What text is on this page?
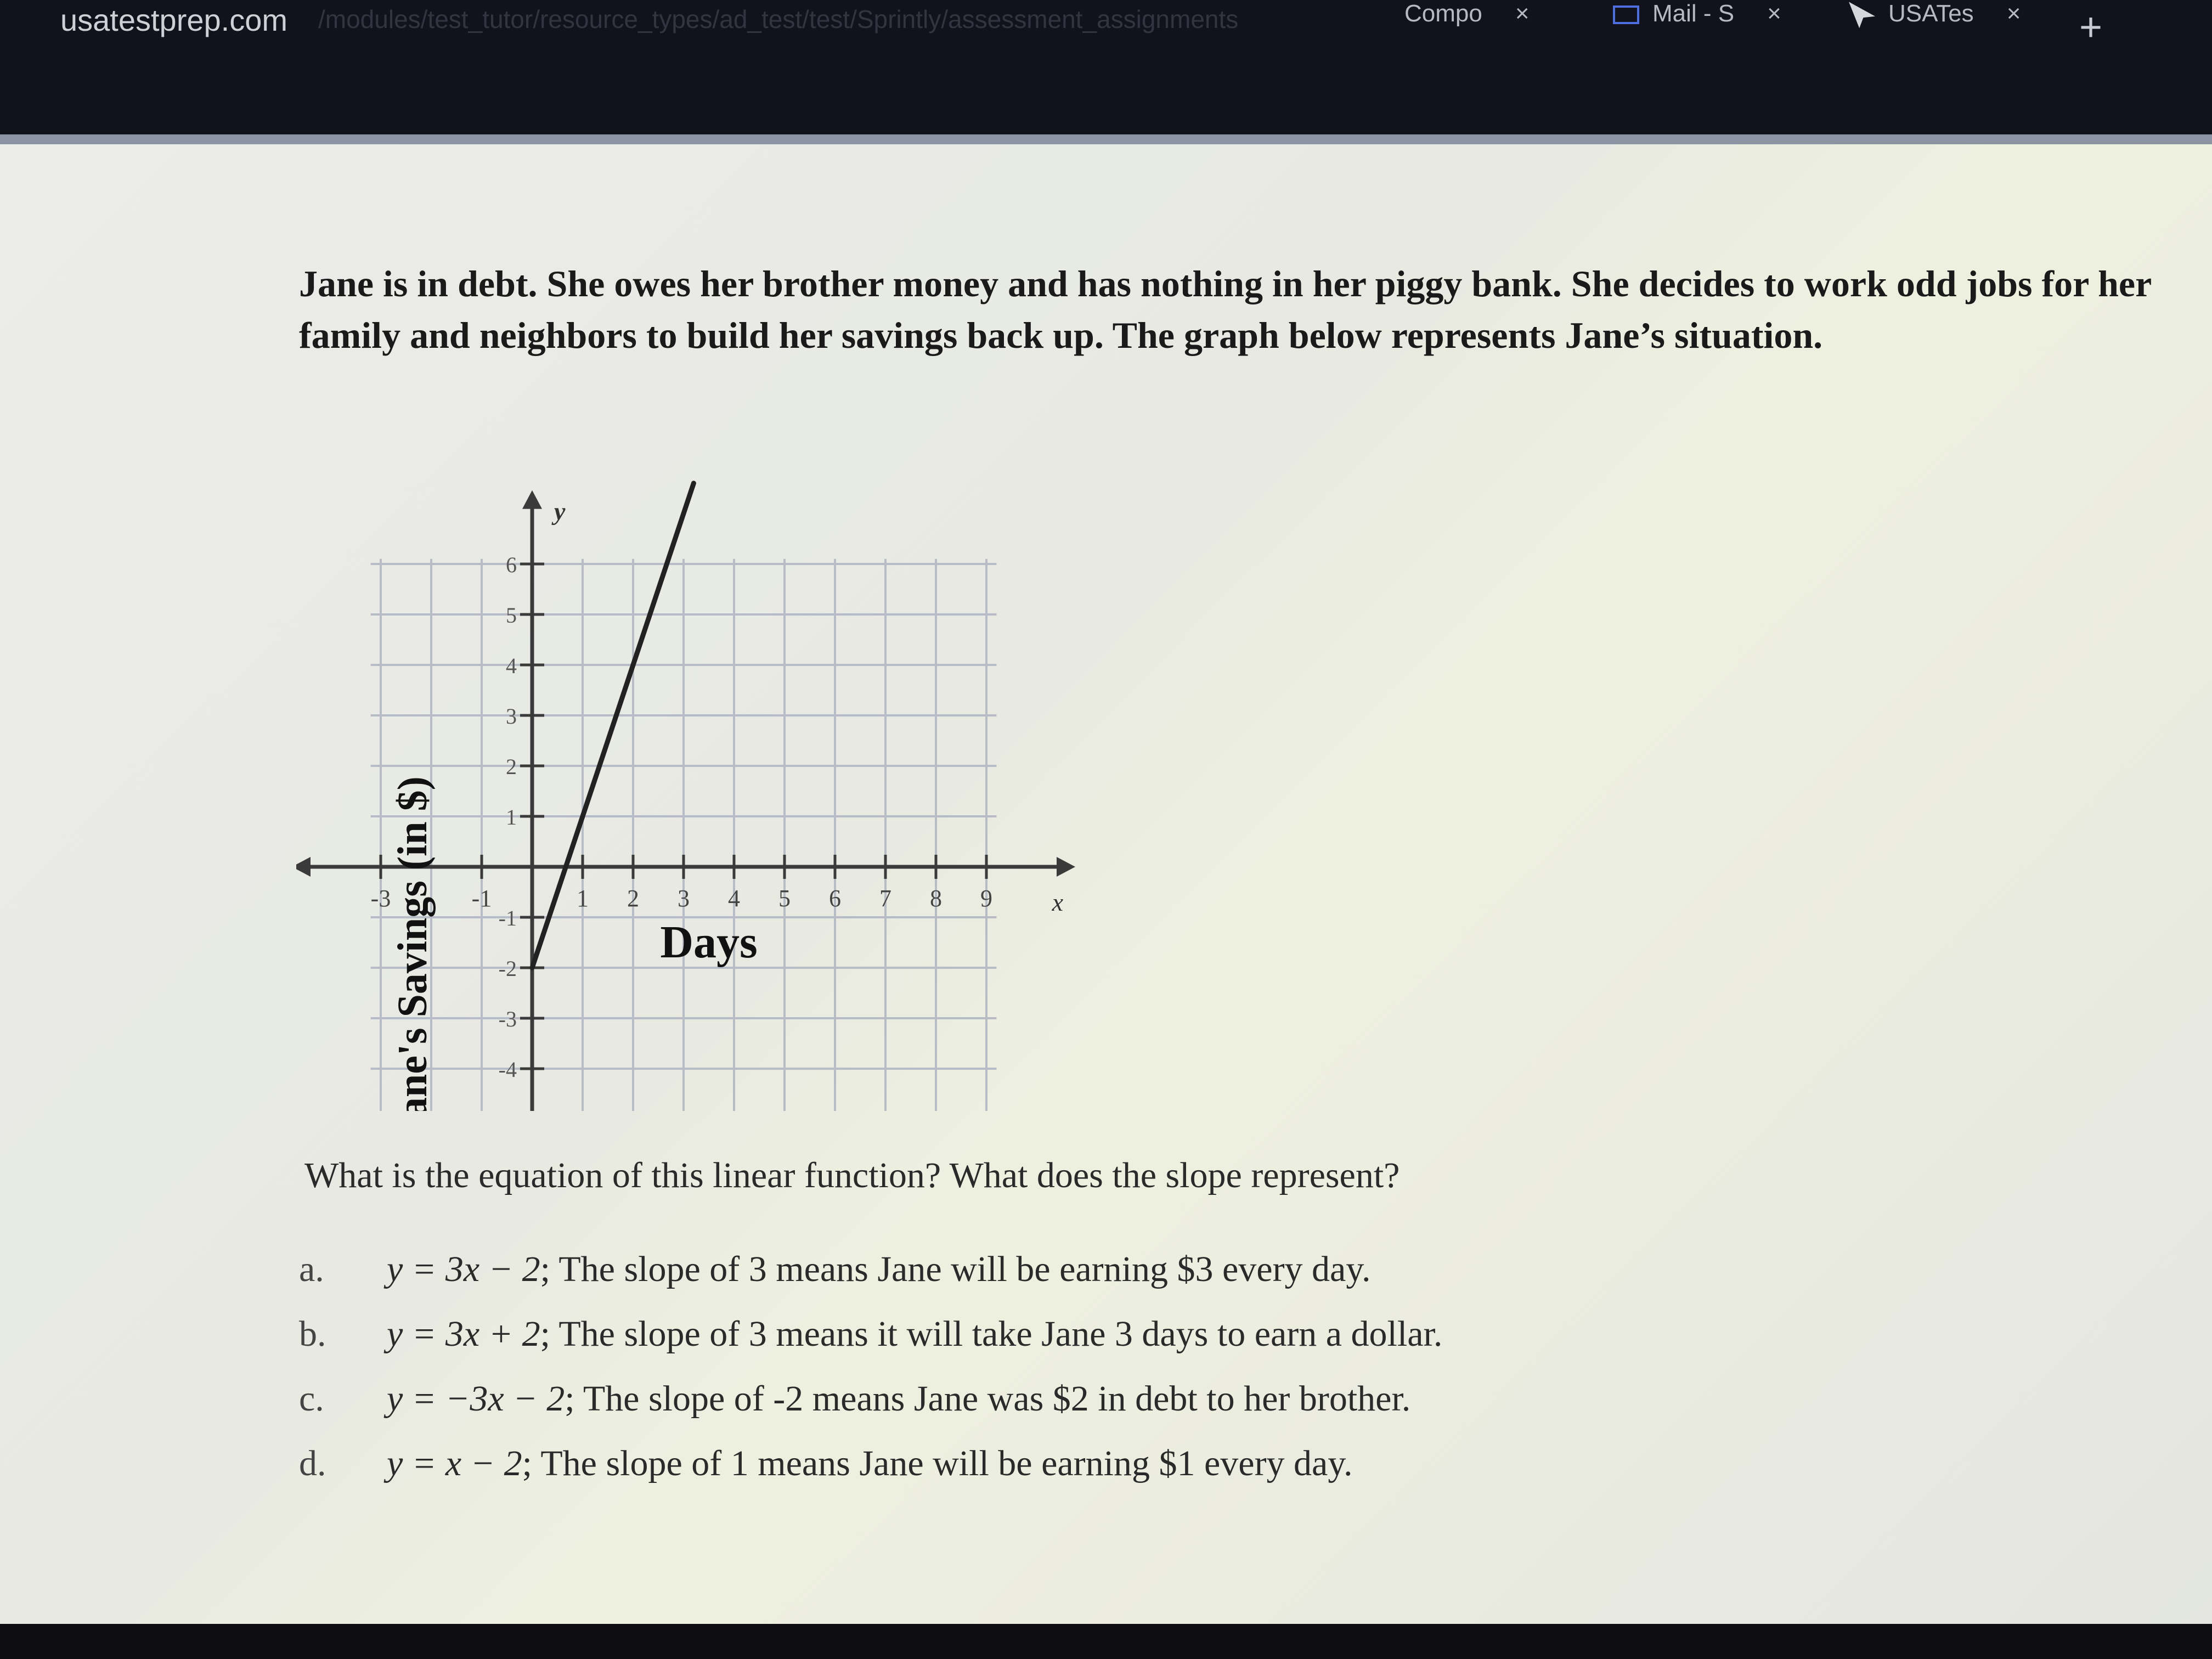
usatestprep.com /modules/test_tutor/resource_types/ad_test/test/Sprintly/assessment_assignments	Compo ×	Mail - S ×	USATes × +

Jane is in debt. She owes her brother money and has nothing in her piggy bank. She decides to work odd jobs for her

family and neighbors to build her savings back up. The graph below represents Jane’s situation.

-3	-1	1 2 3 4 5 6 7 8 9
-4
-3
-2
-1
1
2
3
4
5
6
x
y
Days
Jane's Savings (in $)
What is the equation of this linear function? What does the slope represent?
a. y = 3x − 2; The slope of 3 means Jane will be earning $3 every day.
b. y = 3x + 2; The slope of 3 means it will take Jane 3 days to earn a dollar.
c. y = −3x − 2; The slope of -2 means Jane was $2 in debt to her brother.
d. y = x − 2; The slope of 1 means Jane will be earning $1 every day.
